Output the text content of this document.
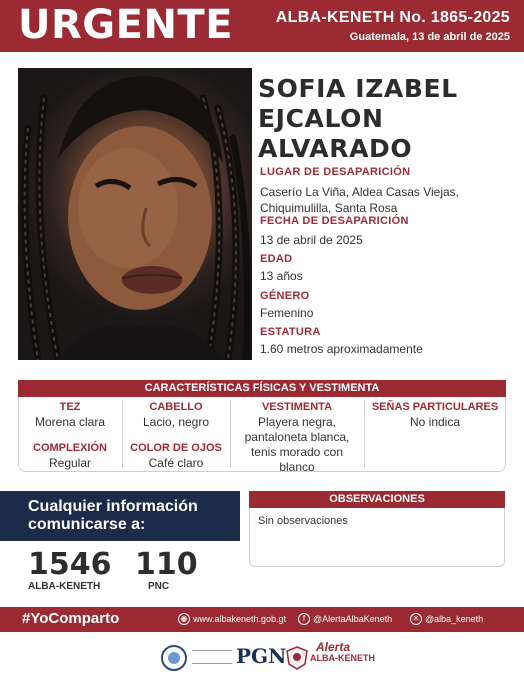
URGENTE	ALBA-KENETH No. 1865-2025
Guatemala, 13 de abril de 2025
SOFIA IZABEL
EJCALON ALVARADO
LUGAR DE DESAPARICIÓN
Caserío La Viña, Aldea Casas Viejas,
Chiquimulilla, Santa Rosa
FECHA DE DESAPARICIÓN
13 de abril de 2025
EDAD
13 años
GÉNERO
Femenino
ESTATURA
1.60 metros aproximadamente
CARACTERÍSTICAS FÍSICAS Y VESTIMENTA
TEZ
Morena clara
COMPLEXIÓN
Regular
CABELLO
Lacio, negro
COLOR DE OJOS
Café claro
VESTIMENTA
Playera negra,
pantaloneta blanca,
tenis morado con
blanco
SEÑAS PARTICULARES
No indica
Cualquier información
comunicarse a:
1546
ALBA-KENETH
110
PNC
OBSERVACIONES
Sin observaciones
#YoComparto	◉ www.albakeneth.gob.gt	f @AlertaAlbaKeneth	✕ @alba_keneth
PGN Alerta
ALBA-KENETH
